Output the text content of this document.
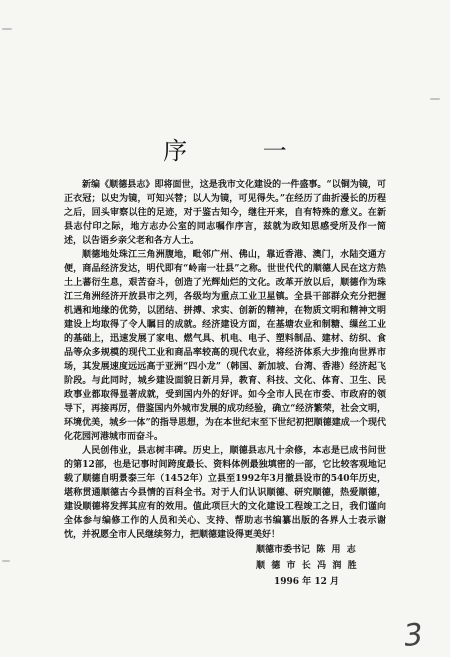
序 一

新编《顺德县志》即将面世，这是我市文化建设的一件盛事。“以铜为镜，可正衣冠；以史为镜，可知兴替；以人为镜，可见得失。”在经历了曲折漫长的历程之后，回头审察以往的足迹，对于鉴古知今，继往开来，自有特殊的意义。在新县志付印之际，地方志办公室的同志嘱作序言，兹就为政知思感受所及作一简述，以告语乡亲父老和各方人士。

顺德地处珠江三角洲腹地，毗邻广州、佛山，靠近香港、澳门，水陆交通方便，商品经济发达，明代即有“岭南一壮县”之称。世世代代的顺德人民在这方热土上蕃衍生息，艰苦奋斗，创造了光辉灿烂的文化。改革开放以后，顺德作为珠江三角洲经济开放县市之列，各级均为重点工业卫星镇。全县干部群众充分把握机遇和地缘的优势，以团结、拼搏、求实、创新的精神，在物质文明和精神文明建设上均取得了令人瞩目的成就。经济建设方面，在基塘农业和制糖、缫丝工业的基础上，迅速发展了家电、燃气具、机电、电子、塑料制品、建材、纺织、食品等众多规模的现代工业和商品率较高的现代农业，将经济体系大步推向世界市场，其发展速度远远高于亚洲“四小龙”（韩国、新加坡、台湾、香港）经济起飞阶段。与此同时，城乡建设面貌日新月异，教育、科技、文化、体育、卫生、民政事业都取得显著成就，受到国内外的好评。如今全市人民在市委、市政府的领导下，再接再厉，借鉴国内外城市发展的成功经验，确立“经济繁荣，社会文明，环境优美，城乡一体”的指导思想，为在本世纪末至下世纪初把顺德建成一个现代化花园河港城市而奋斗。

人民创伟业，县志树丰碑。历史上，顺德县志凡十余修，本志是已成书问世的第12部，也是记事时间跨度最长、资料体例最独填密的一部，它比较客观地记载了顺德自明景泰三年（1452年）立县至1992年3月撤县设市的540年历史，堪称贯通顺德古今县情的百科全书。对于人们认识顺德、研究顺德，热爱顺德，建设顺德将发挥其应有的效用。值此项巨大的文化建设工程竣工之日，我们谨向全体参与编修工作的人员和关心、支持、帮助志书编纂出版的各界人士表示谢忱，并祝愿全市人民继续努力，把顺德建设得更美好！

顺德市委书记  陈  用  志
顺  德  市  长  冯  润  胜
1996 年 12 月
3
